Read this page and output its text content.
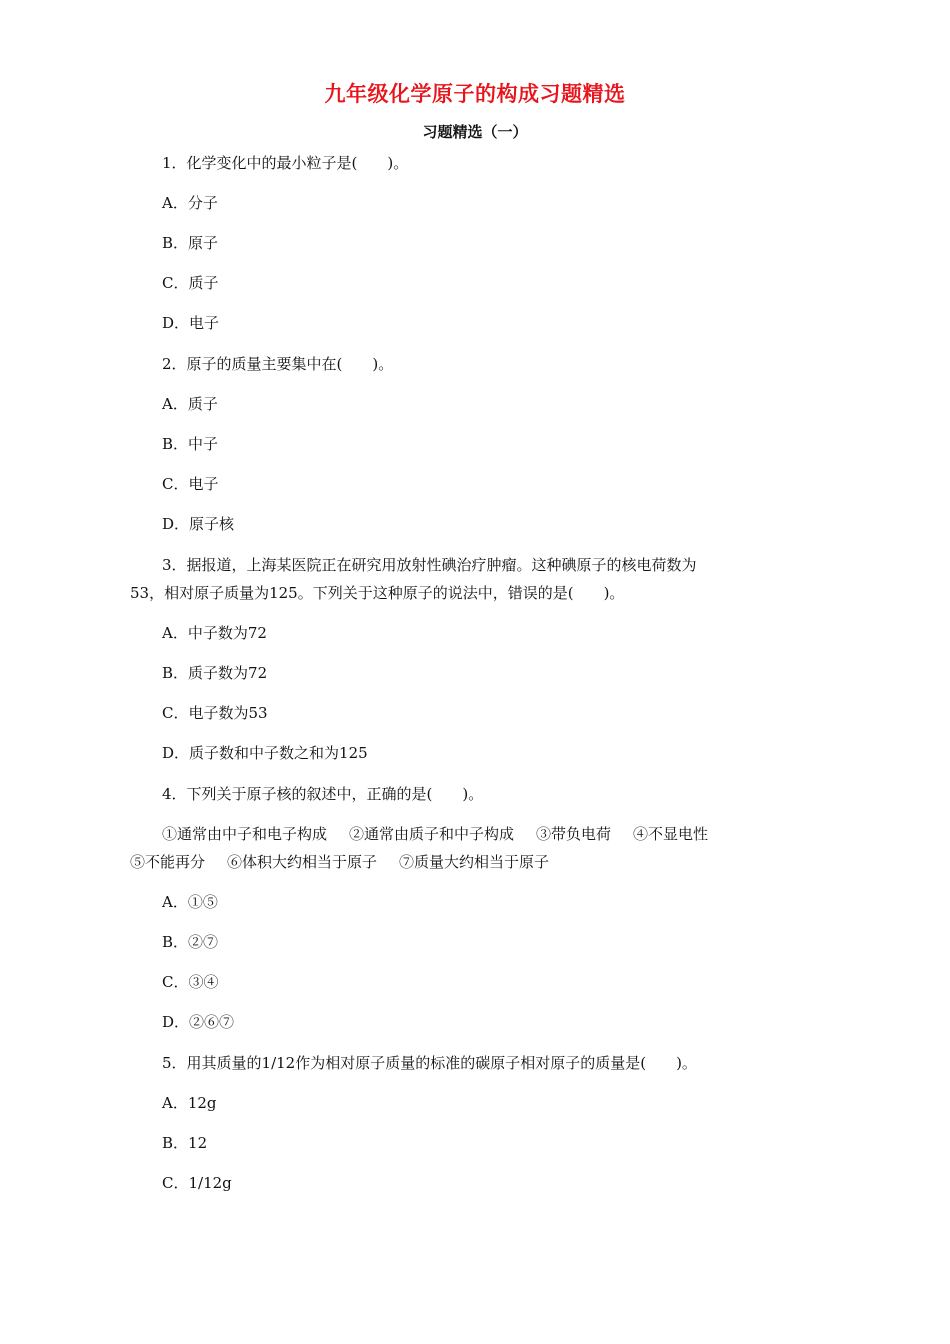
九年级化学原子的构成习题精选
习题精选（一）
1．化学变化中的最小粒子是(　　)。
A．分子
B．原子
C．质子
D．电子
2．原子的质量主要集中在(　　)。
A．质子
B．中子
C．电子
D．原子核
3．据报道，上海某医院正在研究用放射性碘治疗肿瘤。这种碘原子的核电荷数为
53，相对原子质量为125。下列关于这种原子的说法中，错误的是(　　)。
A．中子数为72
B．质子数为72
C．电子数为53
D．质子数和中子数之和为125
4．下列关于原子核的叙述中，正确的是(　　)。
①通常由中子和电子构成 ②通常由质子和中子构成 ③带负电荷 ④不显电性
⑤不能再分 ⑥体积大约相当于原子 ⑦质量大约相当于原子
A．①⑤
B．②⑦
C．③④
D．②⑥⑦
5．用其质量的1/12作为相对原子质量的标准的碳原子相对原子的质量是(　　)。
A．12g
B．12
C．1/12g
